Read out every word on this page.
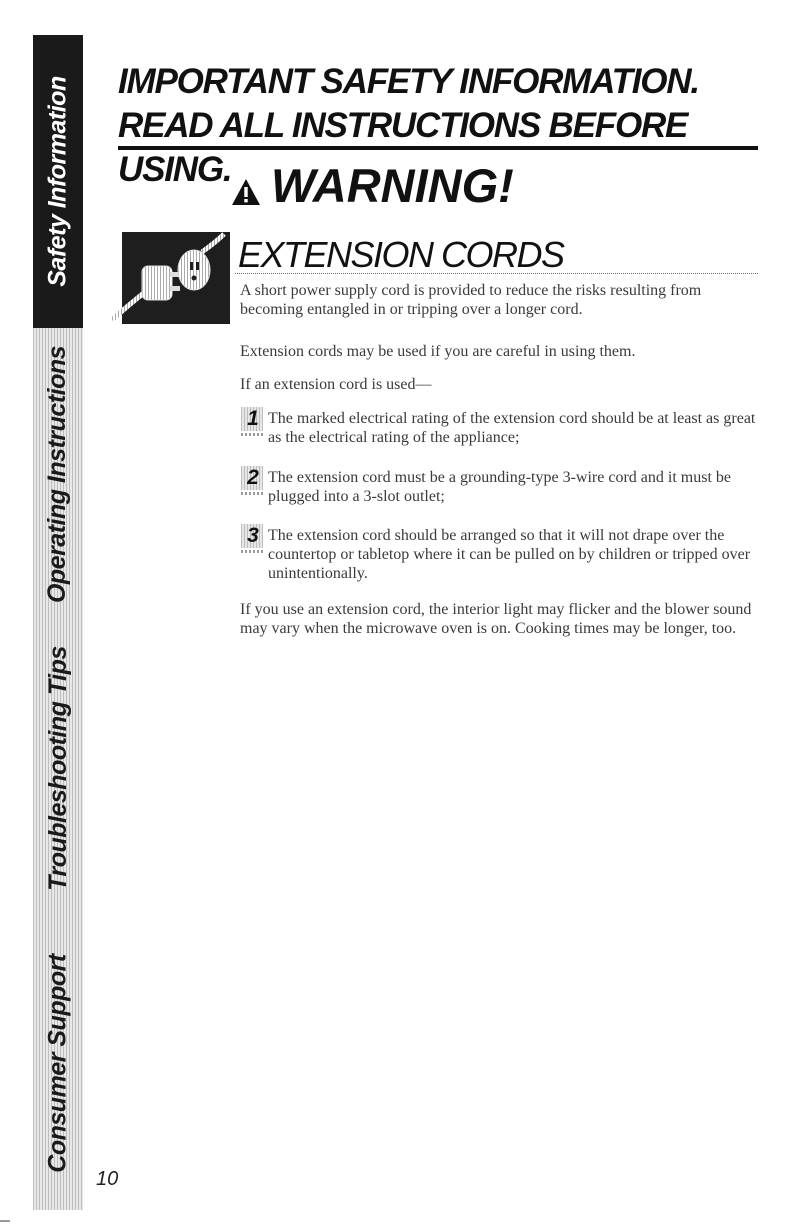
Safety Information
Operating Instructions
Troubleshooting Tips
Consumer Support
IMPORTANT SAFETY INFORMATION.
READ ALL INSTRUCTIONS BEFORE USING. WARNING!
EXTENSION CORDS
A short power supply cord is provided to reduce the risks resulting from becoming entangled in or tripping over a longer cord.
Extension cords may be used if you are careful in using them.
If an extension cord is used—
1 The marked electrical rating of the extension cord should be at least as great as the electrical rating of the appliance;
2 The extension cord must be a grounding-type 3-wire cord and it must be plugged into a 3-slot outlet;
3 The extension cord should be arranged so that it will not drape over the countertop or tabletop where it can be pulled on by children or tripped over unintentionally.
If you use an extension cord, the interior light may flicker and the blower sound may vary when the microwave oven is on. Cooking times may be longer, too.
10
